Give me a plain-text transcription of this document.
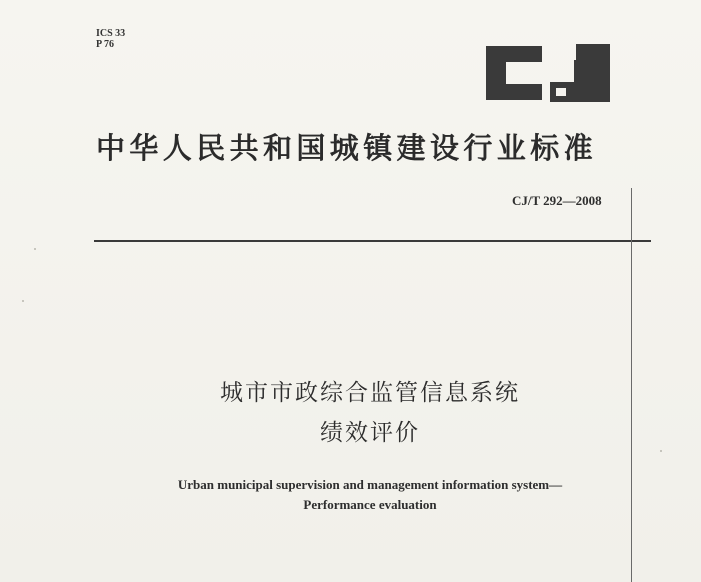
ICS 33
P 76
中华人民共和国城镇建设行业标准
CJ/T 292—2008
城市市政综合监管信息系统
绩效评价
Urban municipal supervision and management information system—
Performance evaluation
